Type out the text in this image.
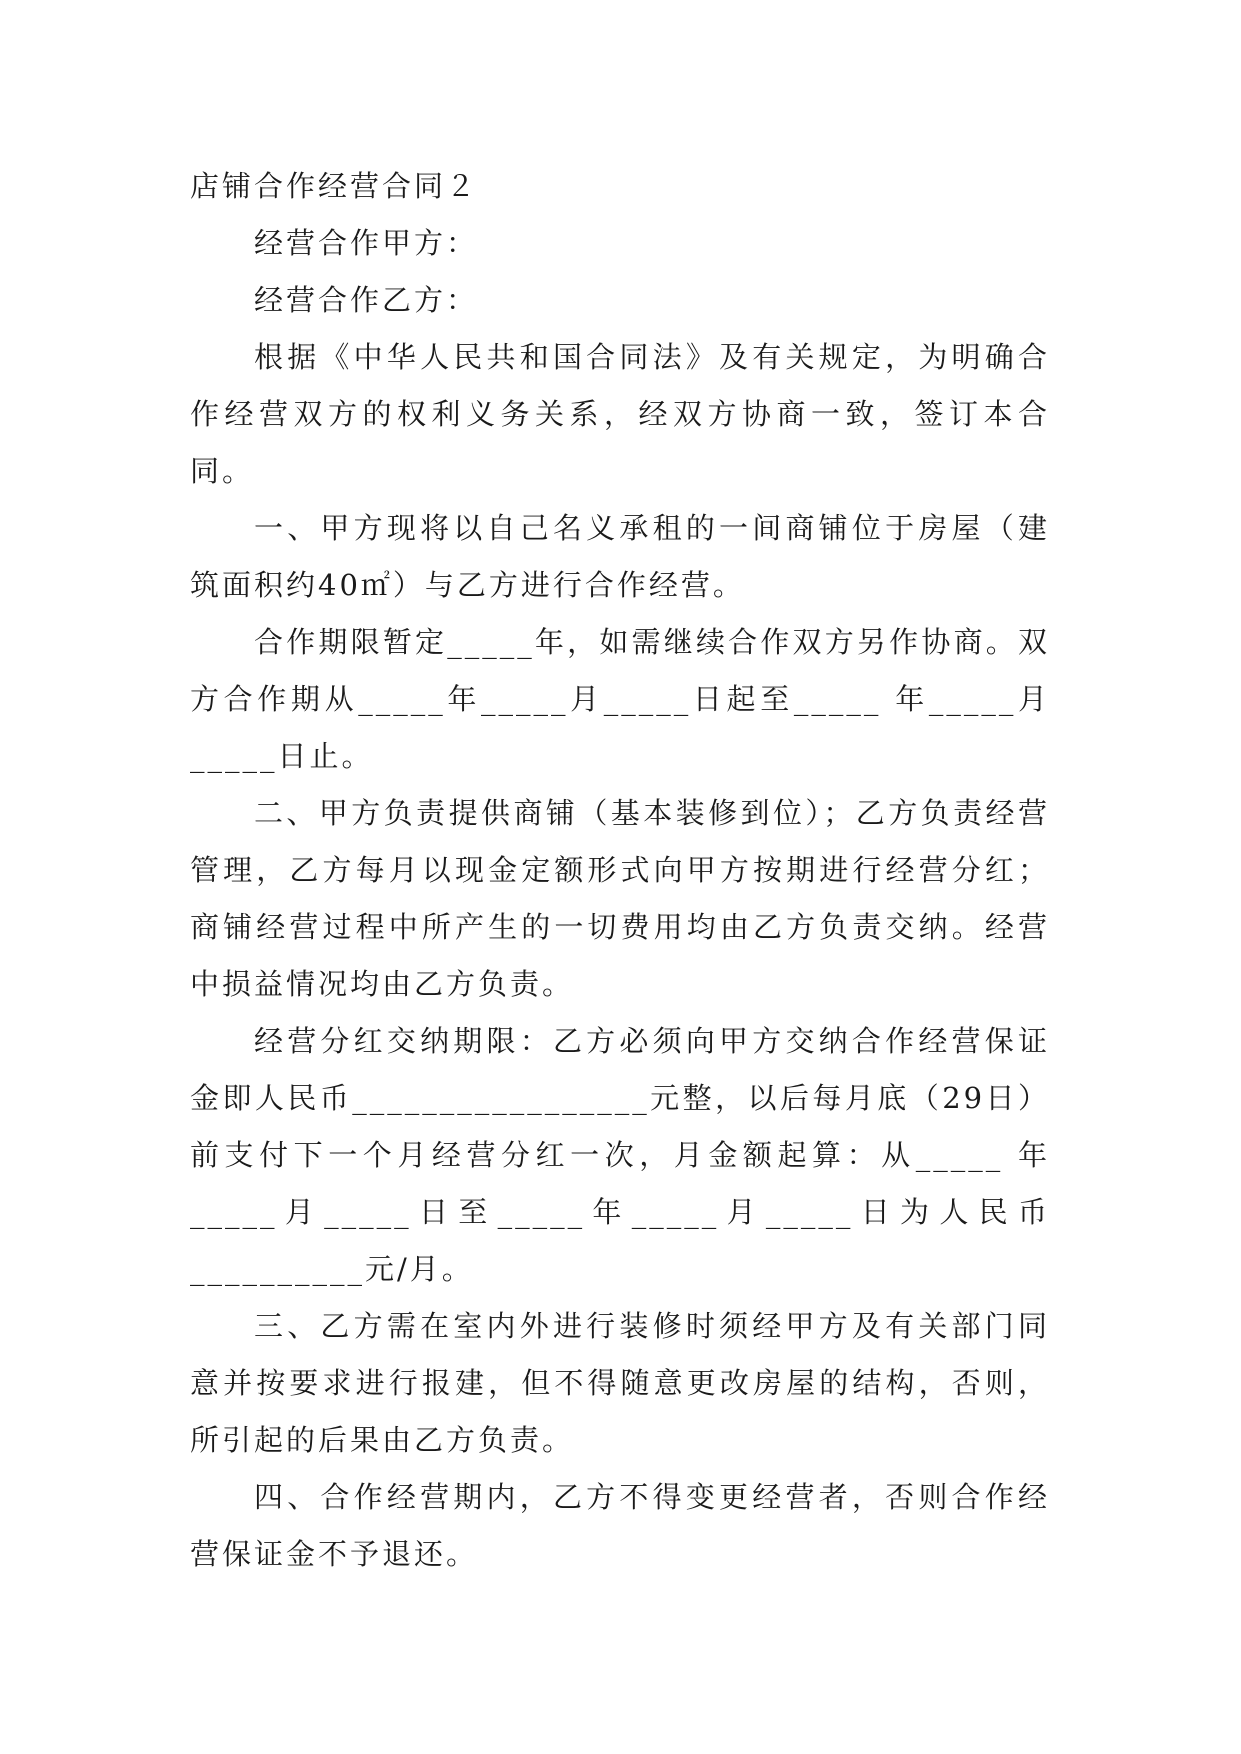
店铺合作经营合同２

经营合作甲方：

经营合作乙方：

根据《中华人民共和国合同法》及有关规定，为明确合作经营双方的权利义务关系，经双方协商一致，签订本合同。

一、甲方现将以自己名义承租的一间商铺位于房屋（建筑面积约40㎡）与乙方进行合作经营。

合作期限暂定_____年，如需继续合作双方另作协商。双方合作期从_____年_____月_____日起至_____ 年_____月_____日止。

二、甲方负责提供商铺（基本装修到位）；乙方负责经营管理，乙方每月以现金定额形式向甲方按期进行经营分红；商铺经营过程中所产生的一切费用均由乙方负责交纳。经营中损益情况均由乙方负责。

经营分红交纳期限：乙方必须向甲方交纳合作经营保证金即人民币_________________元整，以后每月底（29日）前支付下一个月经营分红一次，月金额起算：从_____ 年_____月_____日至_____年_____月_____日为人民币__________元/月。

三、乙方需在室内外进行装修时须经甲方及有关部门同意并按要求进行报建，但不得随意更改房屋的结构，否则，所引起的后果由乙方负责。

四、合作经营期内，乙方不得变更经营者，否则合作经营保证金不予退还。
